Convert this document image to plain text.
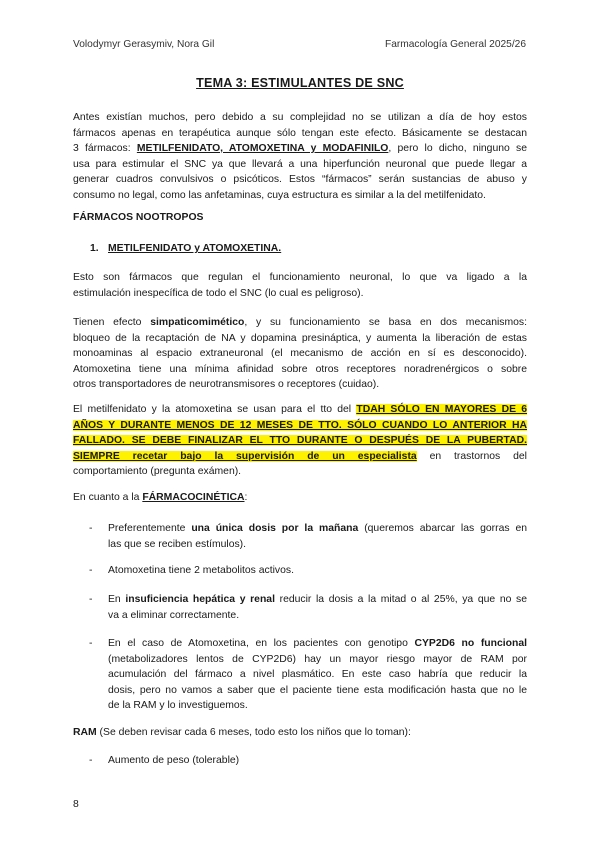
Volodymyr Gerasymiv, Nora Gil	Farmacología General 2025/26
TEMA 3: ESTIMULANTES DE SNC
Antes existían muchos, pero debido a su complejidad no se utilizan a día de hoy estos
fármacos apenas en terapéutica aunque sólo tengan este efecto. Básicamente se destacan
3 fármacos: METILFENIDATO, ATOMOXETINA y MODAFINILO, pero lo dicho, ninguno se
usa para estimular el SNC ya que llevará a una hiperfunción neuronal que puede llegar a
generar cuadros convulsivos o psicóticos. Estos “fármacos” serán sustancias de abuso y
consumo no legal, como las anfetaminas, cuya estructura es similar a la del metilfenidato.
FÁRMACOS NOOTROPOS
1. METILFENIDATO y ATOMOXETINA.
Esto son fármacos que regulan el funcionamiento neuronal, lo que va ligado a la
estimulación inespecífica de todo el SNC (lo cual es peligroso).
Tienen efecto simpaticomimético, y su funcionamiento se basa en dos mecanismos:
bloqueo de la recaptación de NA y dopamina presináptica, y aumenta la liberación de estas
monoaminas al espacio extraneuronal (el mecanismo de acción en sí es desconocido).
Atomoxetina tiene una mínima afinidad sobre otros receptores noradrenérgicos o sobre
otros transportadores de neurotransmisores o receptores (cuidao).
El metilfenidato y la atomoxetina se usan para el tto del TDAH SÓLO EN MAYORES DE 6
AÑOS Y DURANTE MENOS DE 12 MESES DE TTO. SÓLO CUANDO LO ANTERIOR HA
FALLADO. SE DEBE FINALIZAR EL TTO DURANTE O DESPUÉS DE LA PUBERTAD.
SIEMPRE recetar bajo la supervisión de un especialista en trastornos del
comportamiento (pregunta exámen).
En cuanto a la FÁRMACOCINÉTICA:
- Preferentemente una única dosis por la mañana (queremos abarcar las gorras en
las que se reciben estímulos).
- Atomoxetina tiene 2 metabolitos activos.
- En insuficiencia hepática y renal reducir la dosis a la mitad o al 25%, ya que no se
va a eliminar correctamente.
- En el caso de Atomoxetina, en los pacientes con genotipo CYP2D6 no funcional
(metabolizadores lentos de CYP2D6) hay un mayor riesgo mayor de RAM por
acumulación del fármaco a nivel plasmático. En este caso habría que reducir la
dosis, pero no vamos a saber que el paciente tiene esta modificación hasta que no le
de la RAM y lo investiguemos.
RAM (Se deben revisar cada 6 meses, todo esto los niños que lo toman):
- Aumento de peso (tolerable)
8
